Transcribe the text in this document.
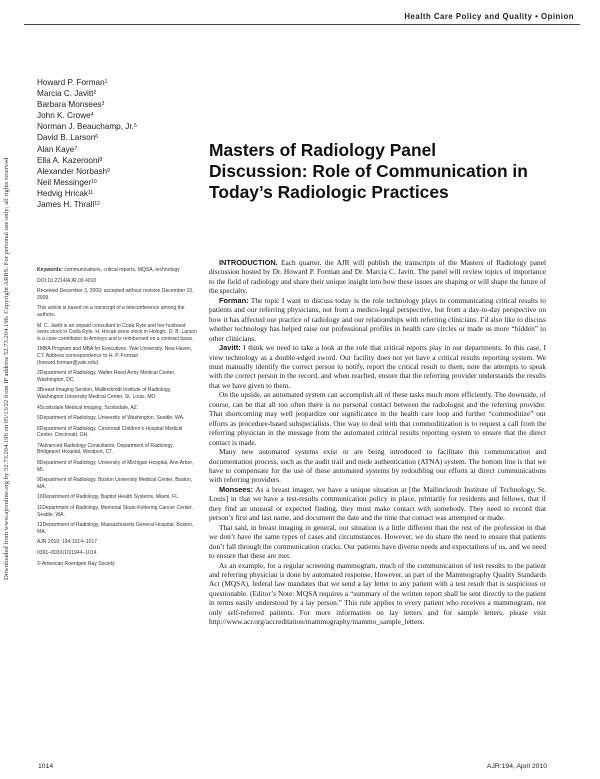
Downloaded from www.ajronline.org by 52.73.204.196 on 05/13/22 from IP address 52.73.204.196. Copyright ARRS. For personal use only; all rights reserved
Health Care Policy and Quality • Opinion
Howard P. Forman$^1$
Marcia C. Javitt$^2$
Barbara Monsees$^3$
John K. Crowe$^4$
Norman J. Beauchamp, Jr.$^5$
David B. Larson$^6$
Alan Kaye$^7$
Ella A. Kazerooni$^8$
Alexander Norbash$^9$
Neil Messinger$^{10}$
Hedvig Hricak$^{11}$
James H. Thrall$^{12}$
Masters of Radiology Panel Discussion: Role of Communication in Today’s Radiologic Practices

Keywords: communications, critical reports, MQSA, technology

DOI:10.2214/AJR.09.4010

Received December 3, 2009; accepted without revision December 10, 2009.

This article is based on a transcript of a teleconference among the authors.

M. C. Javitt is an unpaid consultant to Coda Ryte and her husband owns stock in Coda Ryte. H. Hricak owns stock in Hologic. D. B. Larson is a case contributor to Amirsys and is reimbursed on a contract basis.

1MBA Program and MBA for Executives, Yale University, New Haven, CT. Address correspondence to H. P. Forman (howard.forman@yale.edu).

2Department of Radiology, Walter Reed Army Medical Center, Washington, DC.

3Breast Imaging Section, Mallinckrodt Institute of Radiology, Washington University Medical Center, St. Louis, MO.

4Scottsdale Medical Imaging, Scottsdale, AZ.

5Department of Radiology, University of Washington, Seattle, WA.

6Department of Radiology, Cincinnati Children’s Hospital Medical Center, Cincinnati, OH.

7Advanced Radiology Consultants; Department of Radiology, Bridgeport Hospital, Westport, CT.

8Department of Radiology, University of Michigan Hospital, Ann Arbor, MI.

9Department of Radiology, Boston University Medical Center, Boston, MA.

10Department of Radiology, Baptist Health Systems, Miami, FL.

11Department of Radiology, Memorial Sloan-Kettering Cancer Center, Seattle, WA.

12Department of Radiology, Massachusetts General Hospital, Boston, MA.

AJR 2010; 194:1014–1017

0361–803X/10/1944–1014

© American Roentgen Ray Society

INTRODUCTION. Each quarter, the AJR will publish the transcripts of the Masters of Radiology panel discussion hosted by Dr. Howard P. Forman and Dr. Marcia C. Javitt. The panel will review topics of importance to the field of radiology and share their unique insight into how these issues are shaping or will shape the future of the specialty.

Forman: The topic I want to discuss today is the role technology plays in communicating critical results to patients and our referring physicians, not from a medico-legal perspective, but from a day-to-day perspective on how it has affected our practice of radiology and our relationships with referring clinicians. I’d also like to discuss whether technology has helped raise our professional profiles in health care circles or made us more “hidden” to other clinicians.

Javitt: I think we need to take a look at the role that critical reports play in our departments. In this case, I view technology as a double-edged sword. Our facility does not yet have a critical results reporting system. We must manually identify the correct person to notify, report the critical result to them, note the attempts to speak with the correct person in the record, and when reached, ensure that the referring provider understands the results that we have given to them.

On the upside, an automated system can accomplish all of these tasks much more efficiently. The downside, of course, can be that all too often there is no personal contact between the radiologist and the referring provider. That shortcoming may well jeopardize our significance in the health care loop and further “commoditize” our efforts as procedure-based subspecialists. One way to deal with that commoditization is to request a call from the referring physician in the message from the automated critical results reporting system to ensure that the direct contact is made.

Many new automated systems exist or are being introduced to facilitate this communication and documentation process, such as the audit trail and node authentication (ATNA) system. The bottom line is that we have to compensate for the use of these automated systems by redoubling our efforts at direct communications with referring providers.

Monsees: As a breast imager, we have a unique situation at [the Mallinckrodt Institute of Technology, St. Louis] in that we have a test-results communication policy in place, primarily for residents and fellows, that if they find an unusual or expected finding, they must make contact with somebody. They need to record that person’s first and last name, and document the date and the time that contact was attempted or made.

That said, in breast imaging in general, our situation is a little different than the rest of the profession in that we don’t have the same types of cases and circumstances. However, we do share the need to ensure that patients don’t fall through the communication cracks. Our patients have diverse needs and expectations of us, and we need to ensure that these are met.

As an example, for a regular screening mammogram, much of the communication of test results to the patient and referring physician is done by automated response. However, as part of the Mammography Quality Standards Act (MQSA), federal law mandates that we send a lay letter to any patient with a test result that is suspicious or questionable. (Editor’s Note: MQSA requires a “summary of the written report shall be sent directly to the patient in terms easily understood by a lay person.” This rule applies to every patient who receives a mammogram, not only self-referred patients. For more information on lay letters and for sample letters, please visit http://www.acr.org/accreditation/mammography/mammo_sample_letters.

1014	AJR:194, April 2010
